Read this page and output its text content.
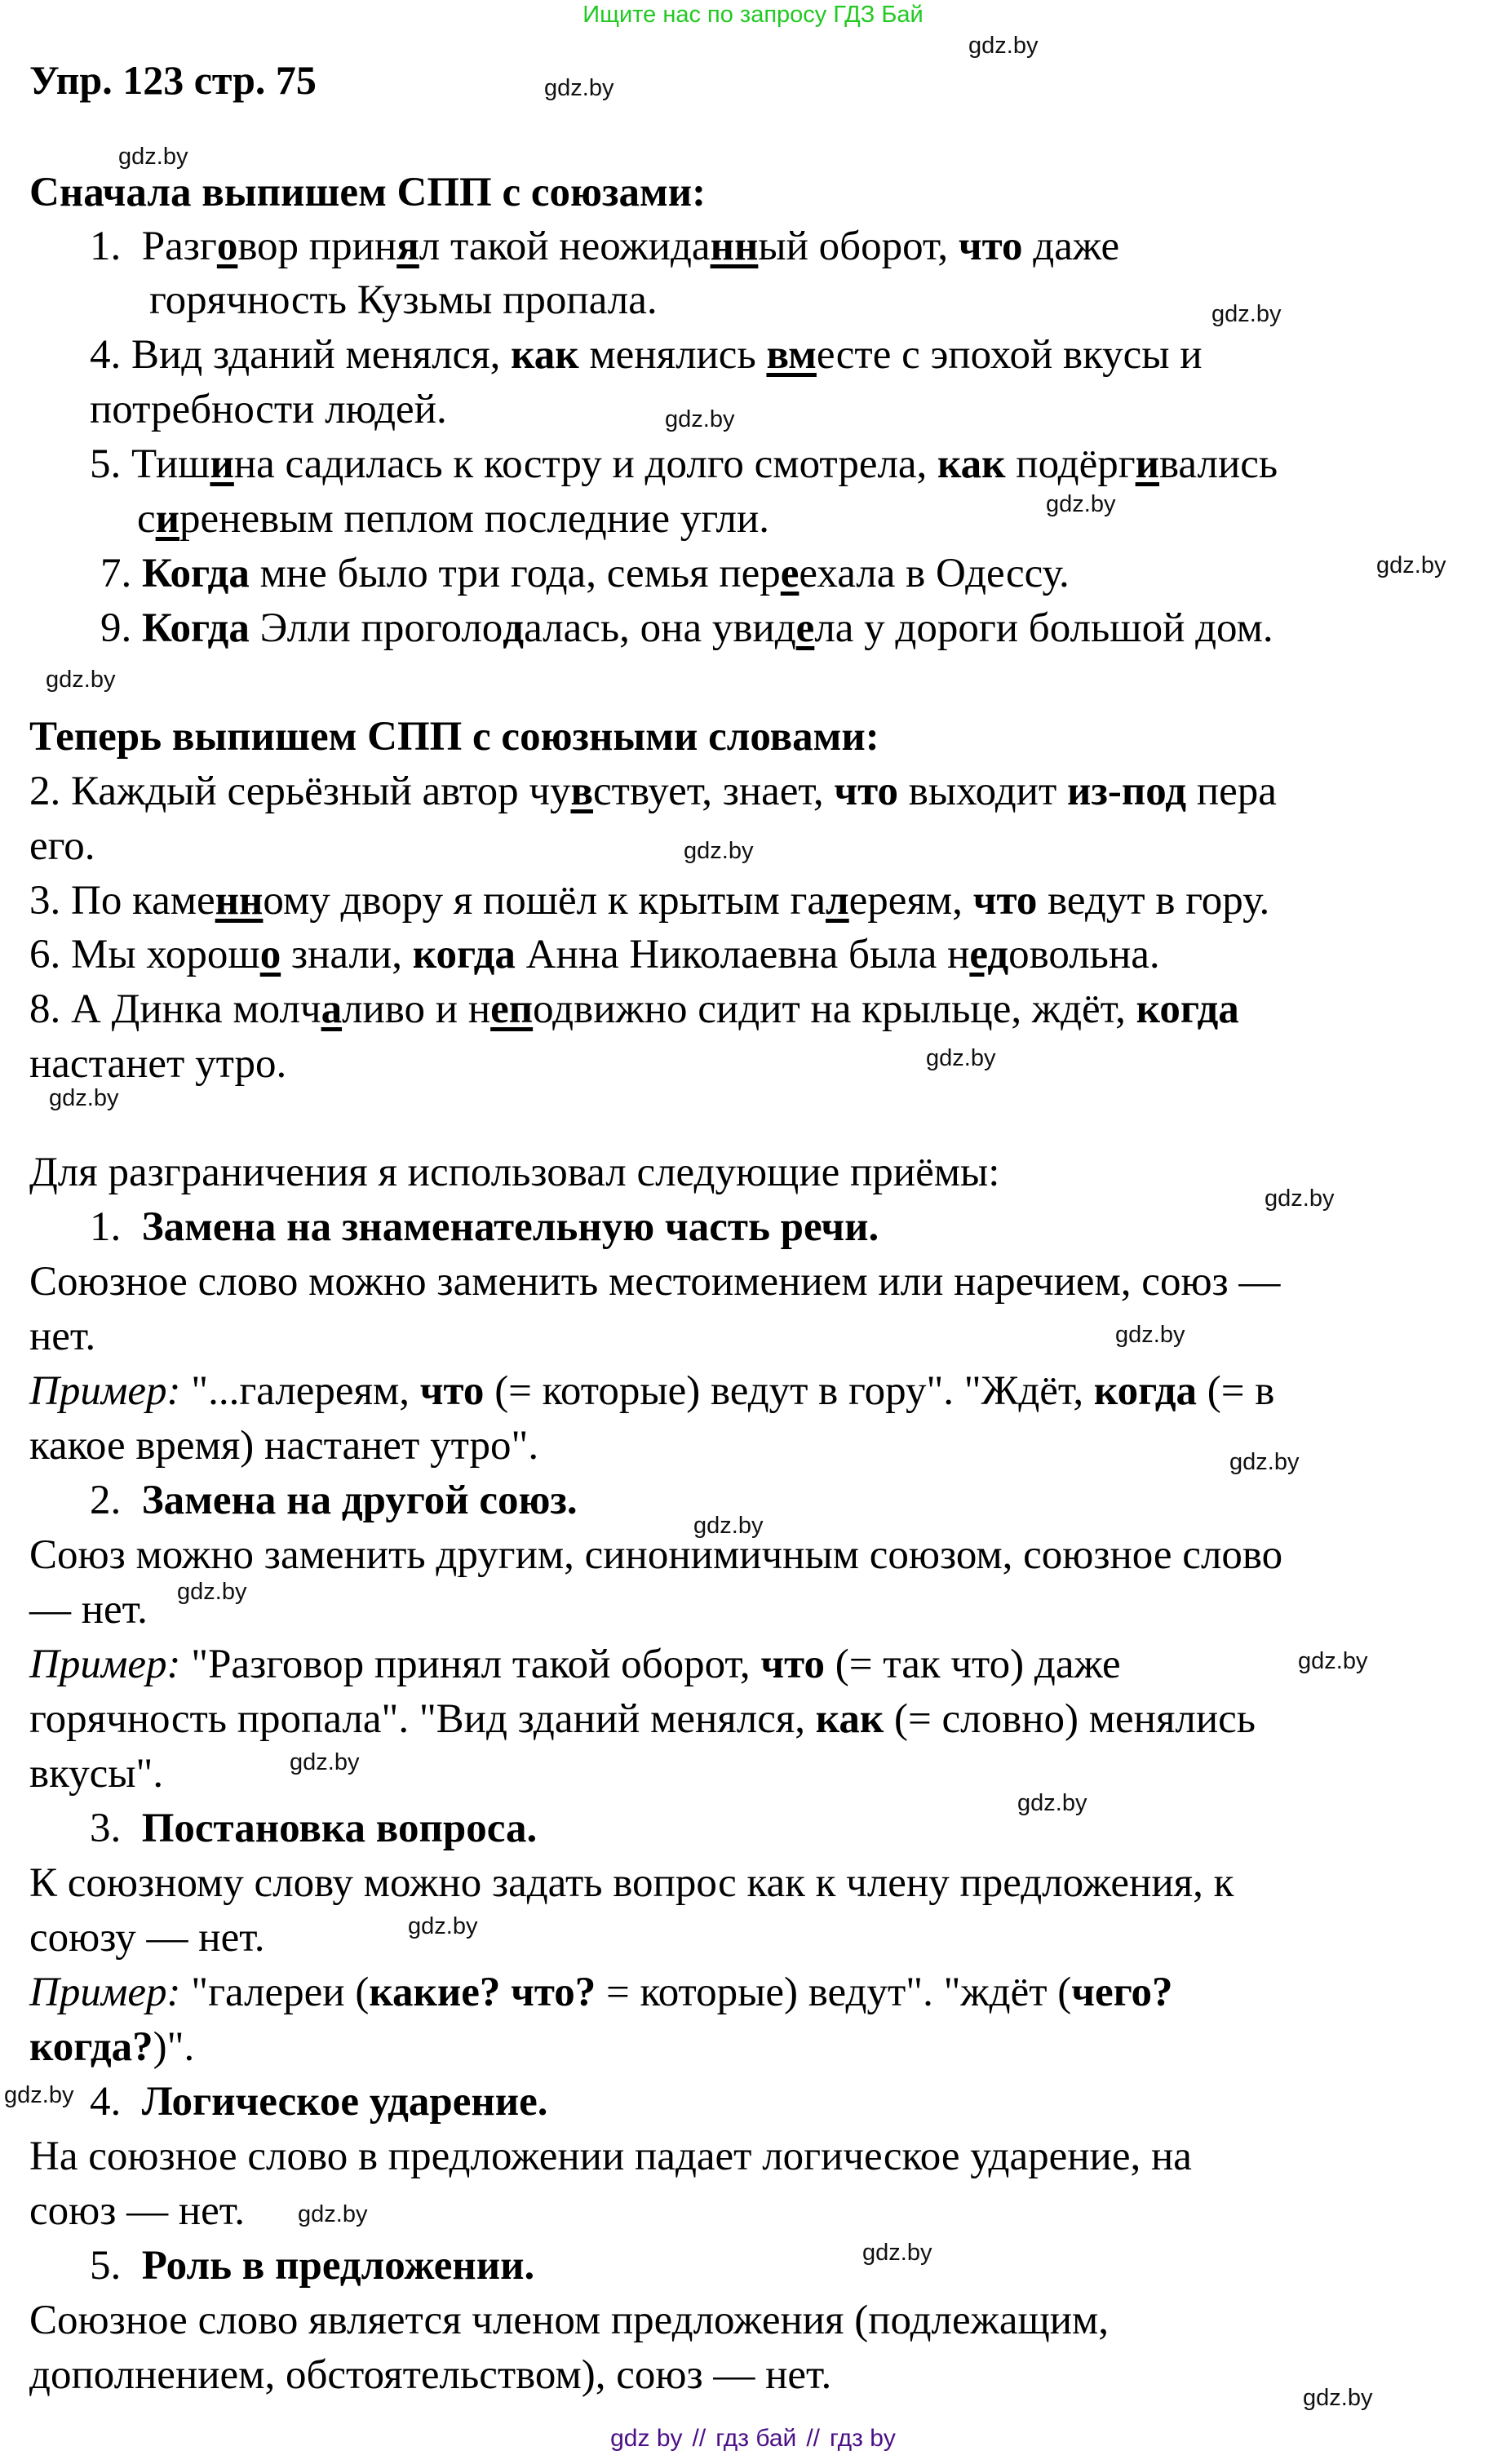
Ищите нас по запросу ГДЗ Бай
Упр. 123 стр. 75
gdz.by
gdz.by
gdz.by
gdz.by
gdz.by
gdz.by
gdz.by
gdz.by
gdz.by
gdz.by
gdz.by
gdz.by
gdz.by
gdz.by
gdz.by
gdz.by
gdz.by
gdz.by
gdz.by
gdz.by
gdz.by
gdz.by
gdz.by
gdz.by
Сначала выпишем СПП с союзами:
1. Разговор принял такой неожиданный оборот, что даже
горячность Кузьмы пропала.
4. Вид зданий менялся, как менялись вместе с эпохой вкусы и
потребности людей.
5. Тишина садилась к костру и долго смотрела, как подёргивались
сиреневым пеплом последние угли.
7. Когда мне было три года, семья переехала в Одессу.
9. Когда Элли проголодалась, она увидела у дороги большой дом.
Теперь выпишем СПП с союзными словами:
2. Каждый серьёзный автор чувствует, знает, что выходит из-под пера
его.
3. По каменному двору я пошёл к крытым галереям, что ведут в гору.
6. Мы хорошо знали, когда Анна Николаевна была недовольна.
8. А Динка молчаливо и неподвижно сидит на крыльце, ждёт, когда
настанет утро.
Для разграничения я использовал следующие приёмы:
1. Замена на знаменательную часть речи.
Союзное слово можно заменить местоимением или наречием, союз —
нет.
Пример: "...галереям, что (= которые) ведут в гору". "Ждёт, когда (= в
какое время) настанет утро".
2. Замена на другой союз.
Союз можно заменить другим, синонимичным союзом, союзное слово
— нет.
Пример: "Разговор принял такой оборот, что (= так что) даже
горячность пропала". "Вид зданий менялся, как (= словно) менялись
вкусы".
3. Постановка вопроса.
К союзному слову можно задать вопрос как к члену предложения, к
союзу — нет.
Пример: "галереи (какие? что? = которые) ведут". "ждёт (чего?
когда?)".
4. Логическое ударение.
На союзное слово в предложении падает логическое ударение, на
союз — нет.
5. Роль в предложении.
Союзное слово является членом предложения (подлежащим,
дополнением, обстоятельством), союз — нет.
gdz by // гдз бай // гдз by
